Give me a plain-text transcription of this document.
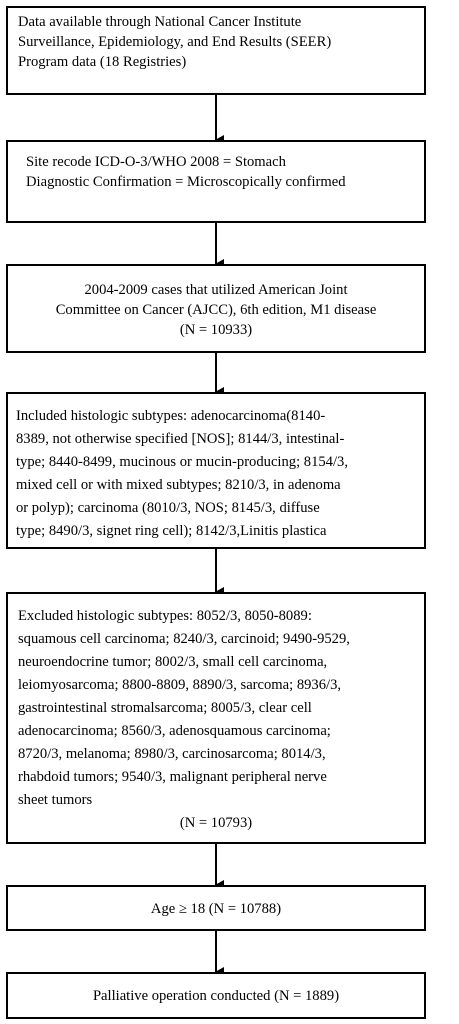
Data available through National Cancer Institute
Surveillance, Epidemiology, and End Results (SEER)
Program data (18 Registries)
Site recode ICD-O-3/WHO 2008 = Stomach
Diagnostic Confirmation = Microscopically confirmed
2004-2009 cases that utilized American Joint
Committee on Cancer (AJCC), 6th edition, M1 disease
(N = 10933)
Included histologic subtypes: adenocarcinoma(8140-
8389, not otherwise specified [NOS]; 8144/3, intestinal-
type; 8440-8499, mucinous or mucin-producing; 8154/3,
mixed cell or with mixed subtypes; 8210/3, in adenoma
or polyp); carcinoma (8010/3, NOS; 8145/3, diffuse
type; 8490/3, signet ring cell); 8142/3,Linitis plastica
Excluded histologic subtypes: 8052/3, 8050-8089:
squamous cell carcinoma; 8240/3, carcinoid; 9490-9529,
neuroendocrine tumor; 8002/3, small cell carcinoma,
leiomyosarcoma; 8800-8809, 8890/3, sarcoma; 8936/3,
gastrointestinal stromalsarcoma; 8005/3, clear cell
adenocarcinoma; 8560/3, adenosquamous carcinoma;
8720/3, melanoma; 8980/3, carcinosarcoma; 8014/3,
rhabdoid tumors; 9540/3, malignant peripheral nerve
sheet tumors
(N = 10793)
Age ≥ 18 (N = 10788)
Palliative operation conducted (N = 1889)
